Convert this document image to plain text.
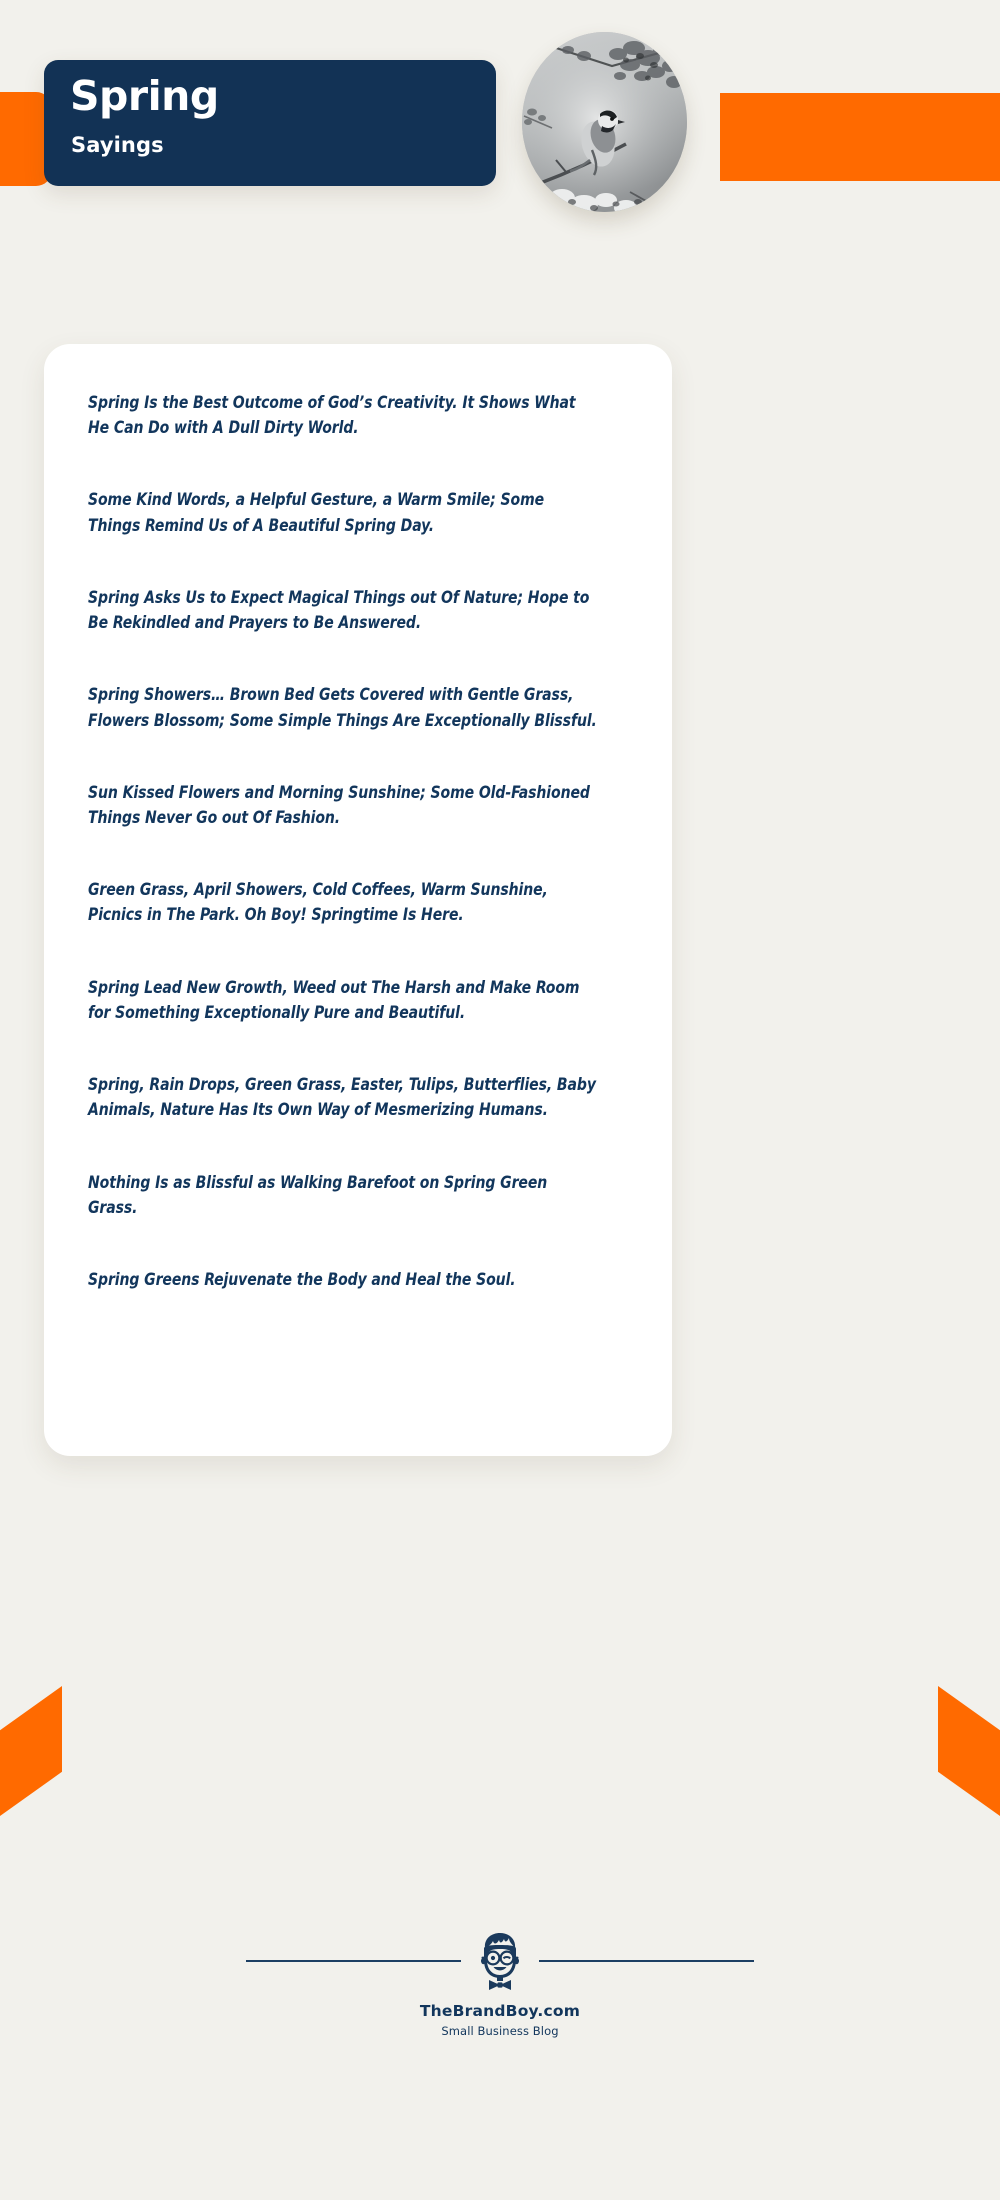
Spring
Sayings
Spring Is the Best Outcome of God’s Creativity. It Shows What He Can Do with A Dull Dirty World.
Some Kind Words, a Helpful Gesture, a Warm Smile; Some Things Remind Us of A Beautiful Spring Day.
Spring Asks Us to Expect Magical Things out Of Nature; Hope to Be Rekindled and Prayers to Be Answered.
Spring Showers… Brown Bed Gets Covered with Gentle Grass, Flowers Blossom; Some Simple Things Are Exceptionally Blissful.
Sun Kissed Flowers and Morning Sunshine; Some Old-Fashioned Things Never Go out Of Fashion.
Green Grass, April Showers, Cold Coffees, Warm Sunshine, Picnics in The Park. Oh Boy! Springtime Is Here.
Spring Lead New Growth, Weed out The Harsh and Make Room for Something Exceptionally Pure and Beautiful.
Spring, Rain Drops, Green Grass, Easter, Tulips, Butterflies, Baby Animals, Nature Has Its Own Way of Mesmerizing Humans.
Nothing Is as Blissful as Walking Barefoot on Spring Green Grass.
Spring Greens Rejuvenate the Body and Heal the Soul.
TheBrandBoy.com
Small Business Blog
